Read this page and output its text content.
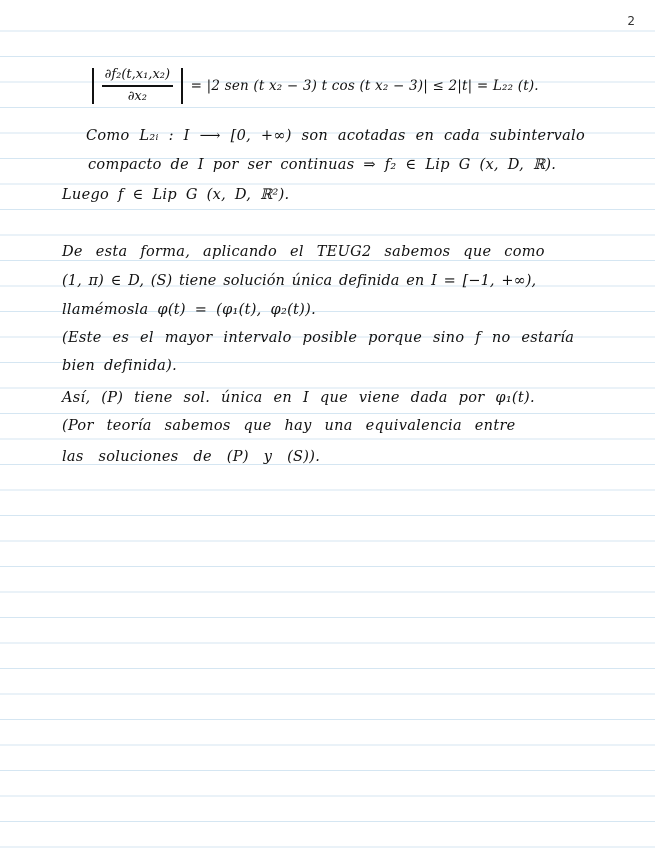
2
$\frac{\text{∂f₂(t,x₁,x₂)}}{\text{∂x₂}} = |2$ sen (t x₂ − 3) t cos (t x₂ − 3)| ≤ 2|t| = L₂₂ (t).
Como L₂ᵢ : I ⟶ [0, +∞) son acotadas en cada subintervalo
compacto de I por ser continuas ⇒ f₂ ∈ Lip G (x, D, ℝ).
Luego f ∈ Lip G (x, D, ℝ²).
De esta forma, aplicando el TEUG2 sabemos que como
(1, π) ∈ D, (S) tiene solución única definida en I = [−1, +∞),
llamémosla φ(t) = (φ₁(t), φ₂(t)).
(Este es el mayor intervalo posible porque sino f no estaría
bien definida).
Así, (P) tiene sol. única en I que viene dada por φ₁(t).
(Por teoría sabemos que hay una equivalencia entre
las soluciones de (P) y (S)).
